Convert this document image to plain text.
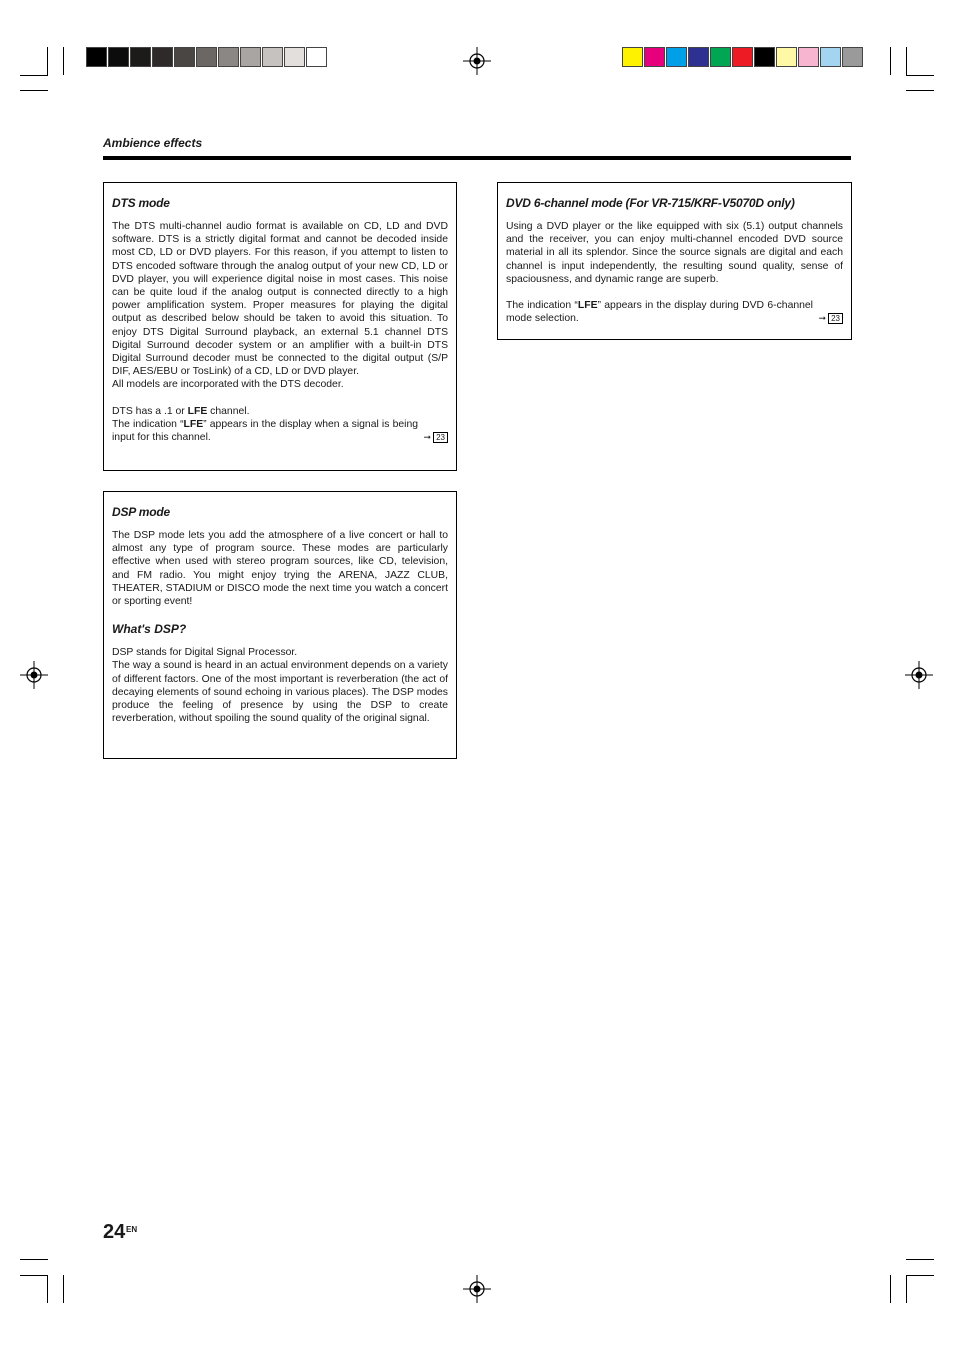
Ambience effects
DTS mode

The DTS multi-channel audio format is available on CD, LD and DVD software. DTS is a strictly digital format and cannot be decoded inside most CD, LD or DVD players. For this reason, if you attempt to listen to DTS encoded software through the analog output of your new CD, LD or DVD player, you will experience digital noise in most cases. This noise can be quite loud if the analog output is connected directly to a high power amplification system. Proper measures for playing the digital output as described below should be taken to avoid this situation. To enjoy DTS Digital Surround playback, an external 5.1 channel DTS Digital Surround decoder system or an amplifier with a built-in DTS Digital Surround decoder must be connected to the digital output (S/P DIF, AES/EBU or TosLink) of a CD, LD or DVD player.

All models are incorporated with the DTS decoder.

DTS has a .1 or LFE channel.

The indication “LFE” appears in the display when a signal is being input for this channel.	➞ 23
DSP mode

The DSP mode lets you add the atmosphere of a live concert or hall to almost any type of program source. These modes are particularly effective when used with stereo program sources, like CD, television, and FM radio. You might enjoy trying the ARENA, JAZZ CLUB, THEATER, STADIUM or DISCO mode the next time you watch a concert or sporting event!

What's DSP?

DSP stands for Digital Signal Processor.

The way a sound is heard in an actual environment depends on a variety of different factors. One of the most important is reverberation (the act of decaying elements of sound echoing in various places). The DSP modes produce the feeling of presence by using the DSP to create reverberation, without spoiling the sound quality of the original signal.

DVD 6-channel mode (For VR-715/KRF-V5070D only)

Using a DVD player or the like equipped with six (5.1) output channels and the receiver, you can enjoy multi-channel encoded DVD source material in all its splendor. Since the source signals are digital and each channel is input independently, the resulting sound quality, sense of spaciousness, and dynamic range are superb.

The indication “LFE” appears in the display during DVD 6-channel mode selection.	➞ 23
24 EN
